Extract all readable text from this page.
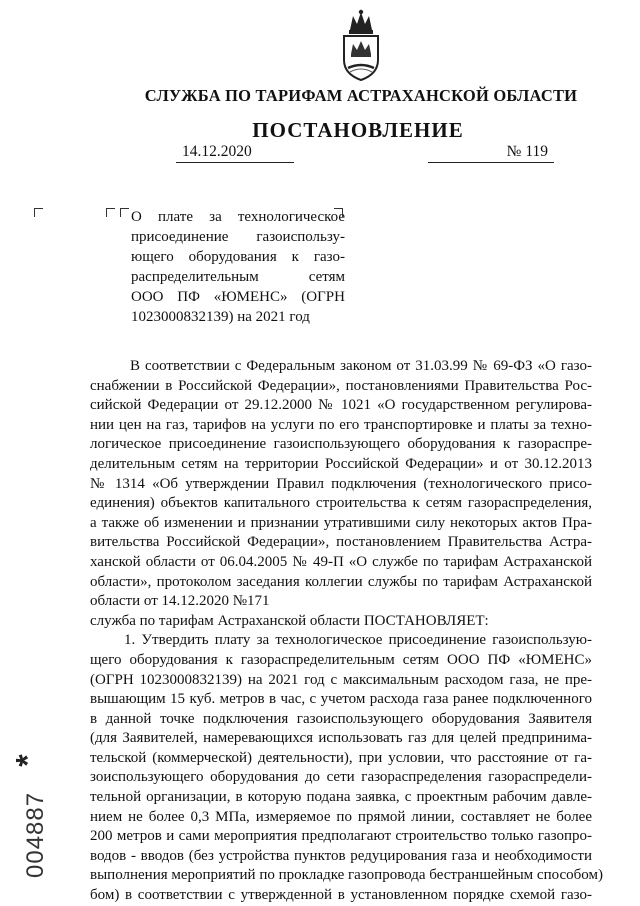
СЛУЖБА ПО ТАРИФАМ АСТРАХАНСКОЙ ОБЛАСТИ
ПОСТАНОВЛЕНИЕ
14.12.2020	№ 119
О плате за технологическое
присоединение газоиспользу-
ющего оборудования к газо-
распределительным сетям
ООО ПФ «ЮМЕНС» (ОГРН
1023000832139) на 2021 год
В соответствии с Федеральным законом от 31.03.99 № 69-ФЗ «О газо-
снабжении в Российской Федерации», постановлениями Правительства Рос-
сийской Федерации от 29.12.2000 № 1021 «О государственном регулирова-
нии цен на газ, тарифов на услуги по его транспортировке и платы за техно-
логическое присоединение газоиспользующего оборудования к газораспре-
делительным сетям на территории Российской Федерации» и от 30.12.2013
№ 1314 «Об утверждении Правил подключения (технологического присо-
единения) объектов капитального строительства к сетям газораспределения,
а также об изменении и признании утратившими силу некоторых актов Пра-
вительства Российской Федерации», постановлением Правительства Астра-
ханской области от 06.04.2005 № 49-П «О службе по тарифам Астраханской
области», протоколом заседания коллегии службы по тарифам Астраханской
области от 14.12.2020 №171
служба по тарифам Астраханской области ПОСТАНОВЛЯЕТ:
1. Утвердить плату за технологическое присоединение газоиспользую-
щего оборудования к газораспределительным сетям ООО ПФ «ЮМЕНС»
(ОГРН 1023000832139) на 2021 год с максимальным расходом газа, не пре-
вышающим 15 куб. метров в час, с учетом расхода газа ранее подключенного
в данной точке подключения газоиспользующего оборудования Заявителя
(для Заявителей, намеревающихся использовать газ для целей предпринима-
тельской (коммерческой) деятельности), при условии, что расстояние от га-
зоиспользующего оборудования до сети газораспределения газораспредели-
тельной организации, в которую подана заявка, с проектным рабочим давле-
нием не более 0,3 МПа, измеряемое по прямой линии, составляет не более
200 метров и сами мероприятия предполагают строительство только газопро-
водов - вводов (без устройства пунктов редуцирования газа и необходимости
выполнения мероприятий по прокладке газопровода бестраншейным способом)
бом) в соответствии с утвержденной в установленном порядке схемой газо-
004887
*
